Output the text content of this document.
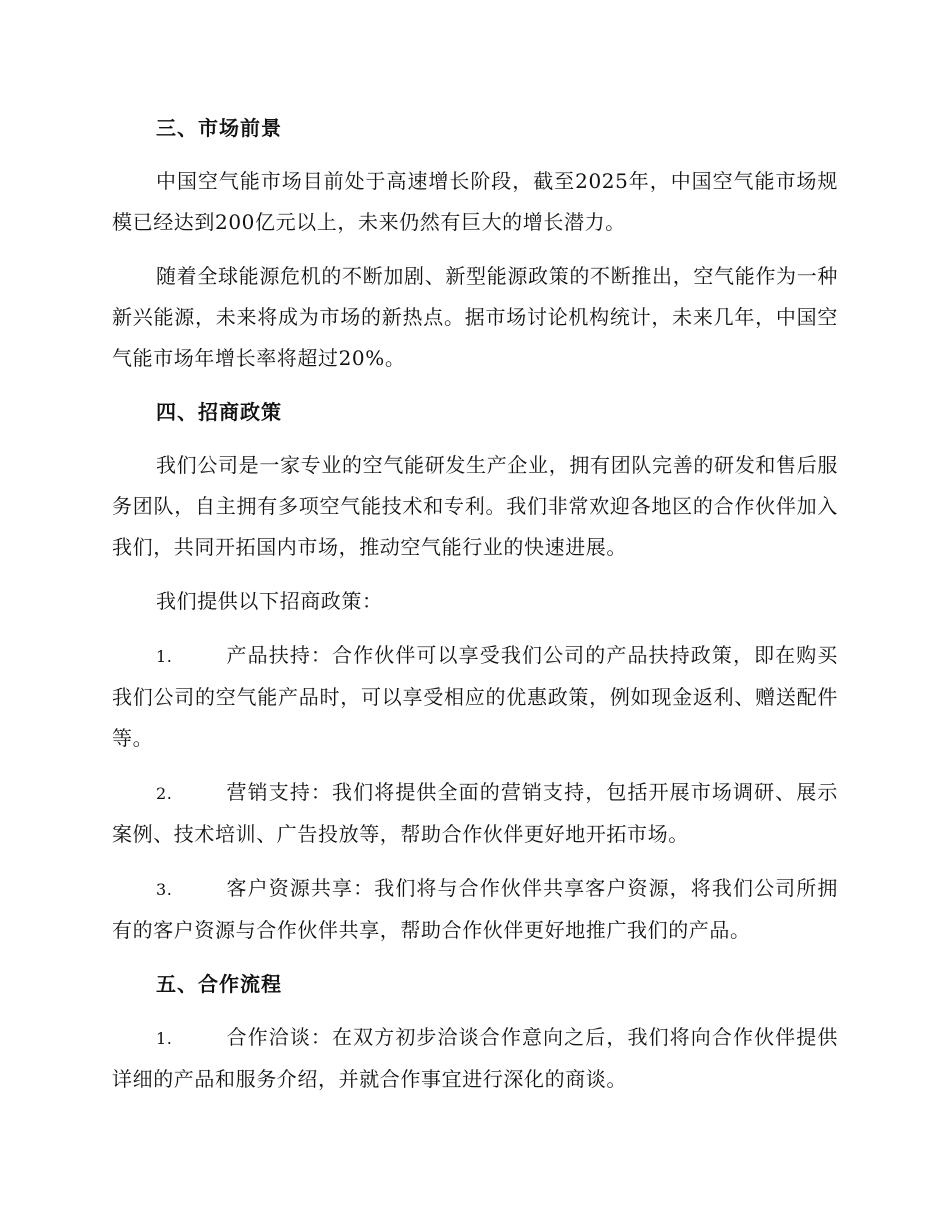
三、市场前景

中国空气能市场目前处于高速增长阶段，截至2025年，中国空气能市场规模已经达到200亿元以上，未来仍然有巨大的增长潜力。

随着全球能源危机的不断加剧、新型能源政策的不断推出，空气能作为一种新兴能源，未来将成为市场的新热点。据市场讨论机构统计，未来几年，中国空气能市场年增长率将超过20%。

四、招商政策

我们公司是一家专业的空气能研发生产企业，拥有团队完善的研发和售后服务团队，自主拥有多项空气能技术和专利。我们非常欢迎各地区的合作伙伴加入我们，共同开拓国内市场，推动空气能行业的快速进展。

我们提供以下招商政策：

1.	产品扶持：合作伙伴可以享受我们公司的产品扶持政策，即在购买我们公司的空气能产品时，可以享受相应的优惠政策，例如现金返利、赠送配件等。

2.	营销支持：我们将提供全面的营销支持，包括开展市场调研、展示案例、技术培训、广告投放等，帮助合作伙伴更好地开拓市场。

3.	客户资源共享：我们将与合作伙伴共享客户资源，将我们公司所拥有的客户资源与合作伙伴共享，帮助合作伙伴更好地推广我们的产品。

五、合作流程

1.	合作洽谈：在双方初步洽谈合作意向之后，我们将向合作伙伴提供详细的产品和服务介绍，并就合作事宜进行深化的商谈。
